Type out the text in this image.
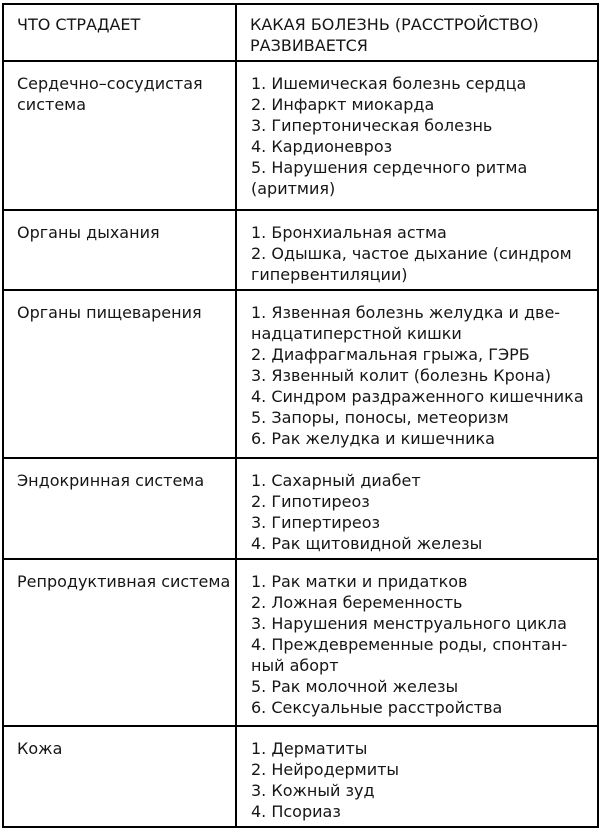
ЧТО СТРАДАЕТ	КАКАЯ БОЛЕЗНЬ (РАССТРОЙСТВО) РАЗВИВАЕТСЯ
Сердечно–сосудистая система	1. Ишемическая болезнь сердца
2. Инфаркт миокарда
3. Гипертоническая болезнь
4. Кардионевроз
5. Нарушения сердечного ритма (аритмия)

Органы дыхания	1. Бронхиальная астма
2. Одышка, частое дыхание (синдром гипервентиляции)

Органы пищеварения	1. Язвенная болезнь желудка и двенадцатиперстной кишки
2. Диафрагмальная грыжа, ГЭРБ
3. Язвенный колит (болезнь Крона)
4. Синдром раздраженного кишечника
5. Запоры, поносы, метеоризм
6. Рак желудка и кишечника

Эндокринная система	1. Сахарный диабет
2. Гипотиреоз
3. Гипертиреоз
4. Рак щитовидной железы

Репродуктивная система	1. Рак матки и придатков
2. Ложная беременность
3. Нарушения менструального цикла
4. Преждевременные роды, спонтанный аборт
5. Рак молочной железы
6. Сексуальные расстройства

Кожа	1. Дерматиты
2. Нейродермиты
3. Кожный зуд
4. Псориаз
